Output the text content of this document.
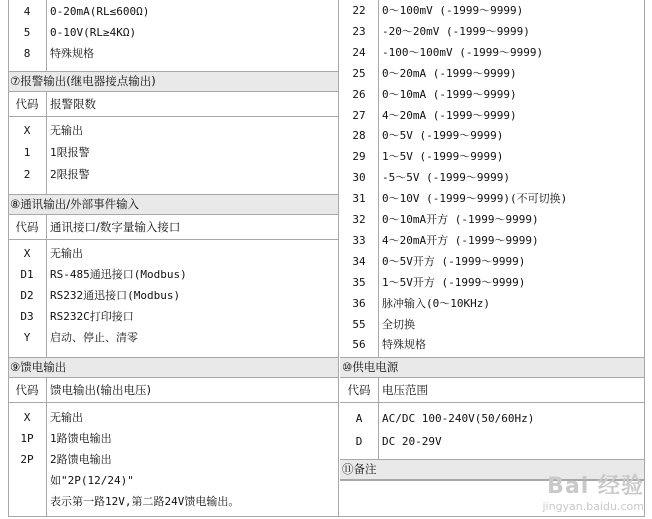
4	0-20mA(RL≤600Ω)
5	0-10V(RL≥4KΩ)
8	特殊规格
⑦报警输出(继电器接点输出)
代码	报警限数
X	无输出
1	1限报警
2	2限报警
⑧通讯输出/外部事件输入
代码	通讯接口/数字量输入接口
X	无输出
D1	RS-485通迅接口(Modbus)
D2	RS232通迅接口(Modbus)
D3	RS232C打印接口
Y	启动、停止、清零
22	0～100mV (-1999～9999)
23	-20～20mV (-1999～9999)
24	-100～100mV (-1999～9999)
25	0～20mA (-1999～9999)
26	0～10mA (-1999～9999)
27	4～20mA (-1999～9999)
28	0～5V (-1999～9999)
29	1～5V (-1999～9999)
30	-5～5V (-1999～9999)
31	0～10V (-1999～9999)(不可切换)
32	0～10mA开方 (-1999～9999)
33	4～20mA开方 (-1999～9999)
34	0～5V开方 (-1999～9999)
35	1～5V开方 (-1999～9999)
36	脉冲输入(0～10KHz)
55	全切换
56	特殊规格
⑨馈电输出
代码	馈电输出(输出电压)
X	无输出
1P	1路馈电输出
2P	2路馈电输出
如"2P(12/24)"
表示第一路12V,第二路24V馈电输出。
⑩供电电源
代码	电压范围
A	AC/DC 100-240V(50/60Hz)
D	DC 20-29V
⑪备注
Bai 经验
jingyan.baidu.com
